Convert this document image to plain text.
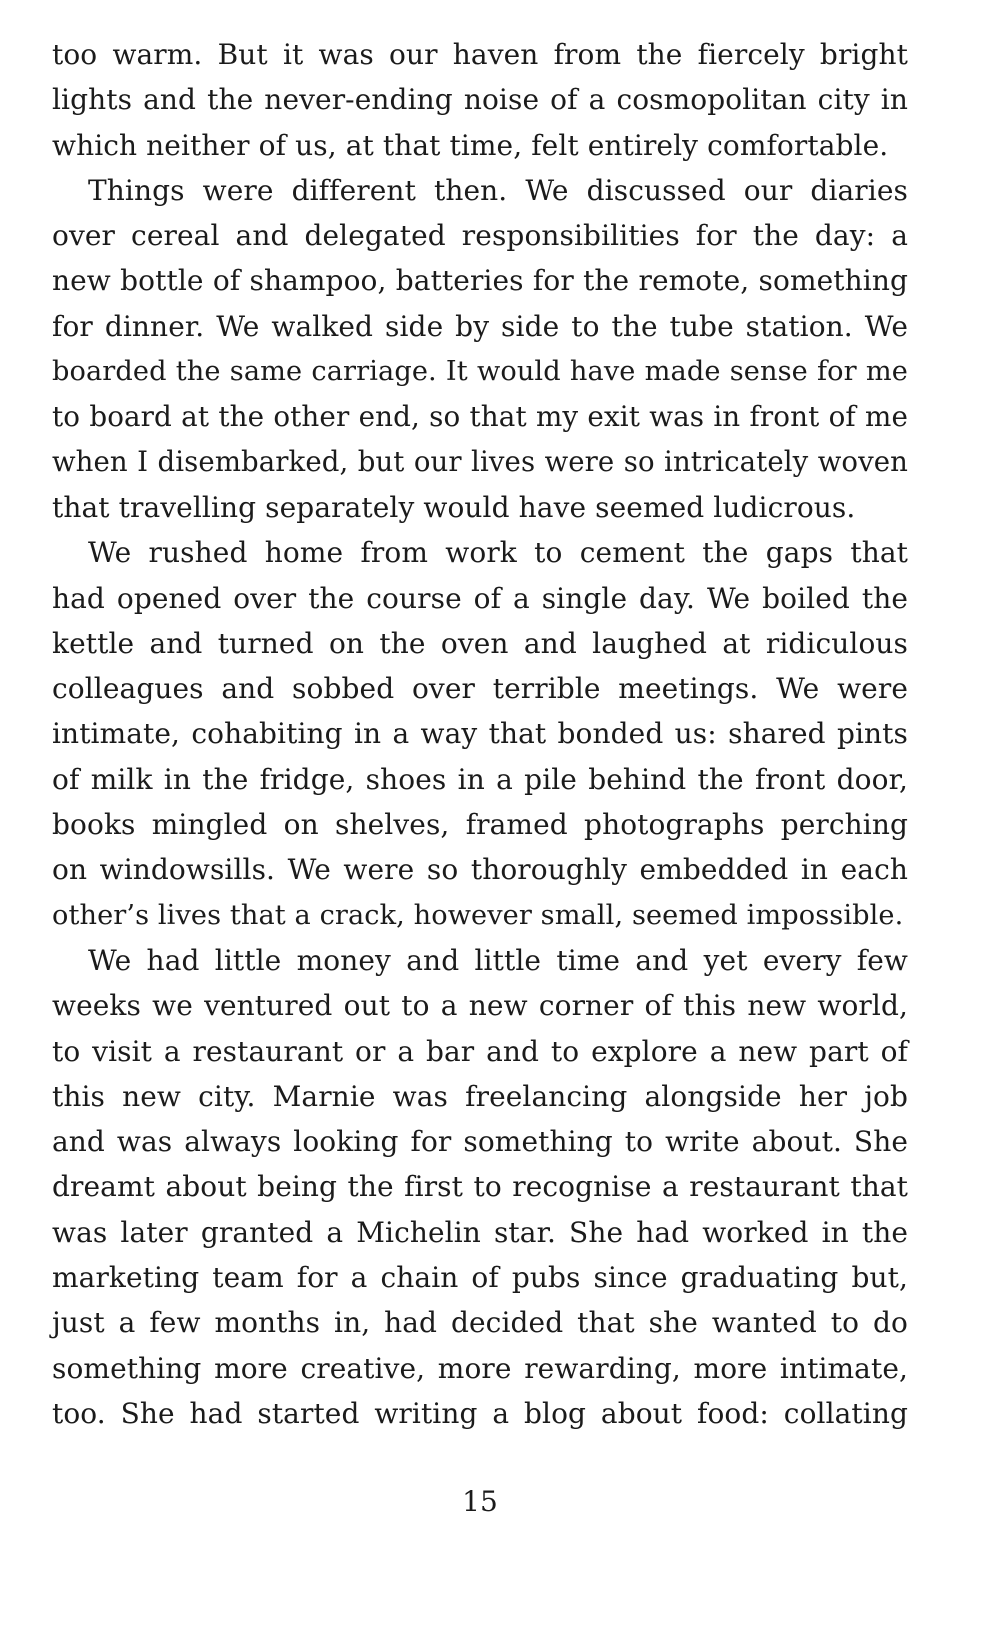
too warm. But it was our haven from the fiercely bright
lights and the never-ending noise of a cosmopolitan city in
which neither of us, at that time, felt entirely comfortable.
Things were different then. We discussed our diaries
over cereal and delegated responsibilities for the day: a
new bottle of shampoo, batteries for the remote, something
for dinner. We walked side by side to the tube station. We
boarded the same carriage. It would have made sense for me
to board at the other end, so that my exit was in front of me
when I disembarked, but our lives were so intricately woven
that travelling separately would have seemed ludicrous.
We rushed home from work to cement the gaps that
had opened over the course of a single day. We boiled the
kettle and turned on the oven and laughed at ridiculous
colleagues and sobbed over terrible meetings. We were
intimate, cohabiting in a way that bonded us: shared pints
of milk in the fridge, shoes in a pile behind the front door,
books mingled on shelves, framed photographs perching
on windowsills. We were so thoroughly embedded in each
other’s lives that a crack, however small, seemed impossible.
We had little money and little time and yet every few
weeks we ventured out to a new corner of this new world,
to visit a restaurant or a bar and to explore a new part of
this new city. Marnie was freelancing alongside her job
and was always looking for something to write about. She
dreamt about being the first to recognise a restaurant that
was later granted a Michelin star. She had worked in the
marketing team for a chain of pubs since graduating but,
just a few months in, had decided that she wanted to do
something more creative, more rewarding, more intimate,
too. She had started writing a blog about food: collating
15
